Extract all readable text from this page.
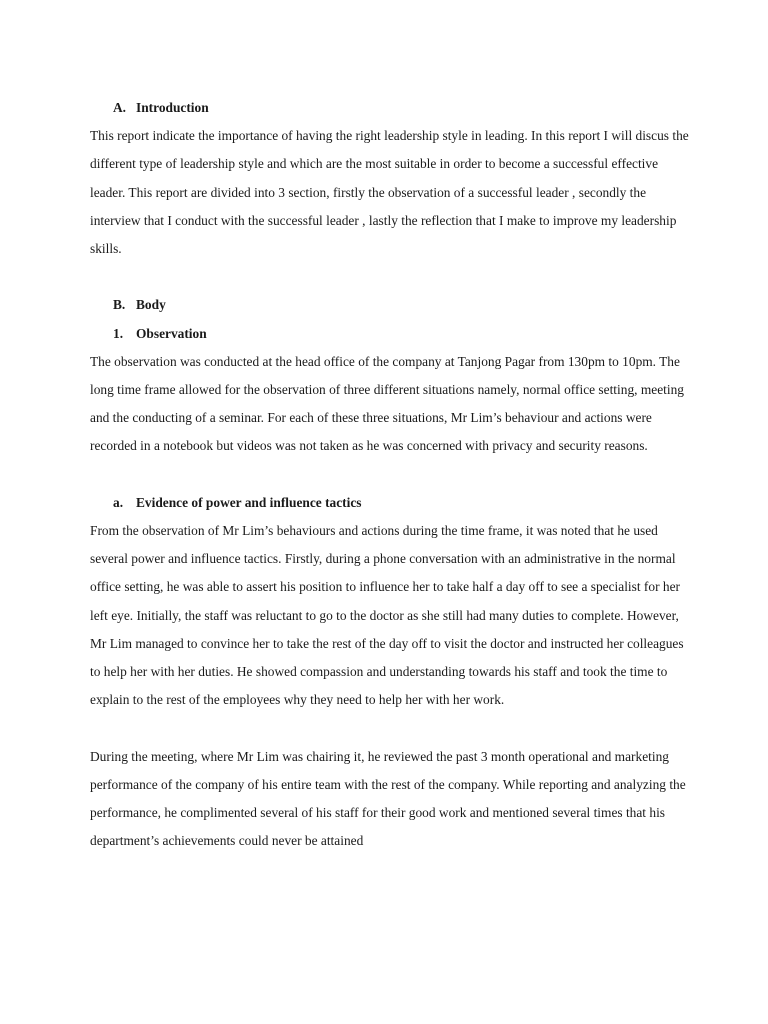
A. Introduction

This report indicate the importance of having the right leadership style in leading. In this report I will discus the different type of leadership style and which are the most suitable in order to become a successful effective leader. This report are divided into 3 section, firstly the observation of a successful leader , secondly the interview that I conduct with the successful leader , lastly the reflection that I make to improve my leadership skills.

B. Body
1. Observation

The observation was conducted at the head office of the company at Tanjong Pagar from 130pm to 10pm. The long time frame allowed for the observation of three different situations namely, normal office setting, meeting and the conducting of a seminar. For each of these three situations, Mr Lim’s behaviour and actions were recorded in a notebook but videos was not taken as he was concerned with privacy and security reasons.

a. Evidence of power and influence tactics

From the observation of Mr Lim’s behaviours and actions during the time frame, it was noted that he used several power and influence tactics. Firstly, during a phone conversation with an administrative in the normal office setting, he was able to assert his position to influence her to take half a day off to see a specialist for her left eye. Initially, the staff was reluctant to go to the doctor as she still had many duties to complete. However, Mr Lim managed to convince her to take the rest of the day off to visit the doctor and instructed her colleagues to help her with her duties. He showed compassion and understanding towards his staff and took the time to explain to the rest of the employees why they need to help her with her work.

During the meeting, where Mr Lim was chairing it, he reviewed the past 3 month operational and marketing performance of the company of his entire team with the rest of the company. While reporting and analyzing the performance, he complimented several of his staff for their good work and mentioned several times that his department’s achievements could never be attained
